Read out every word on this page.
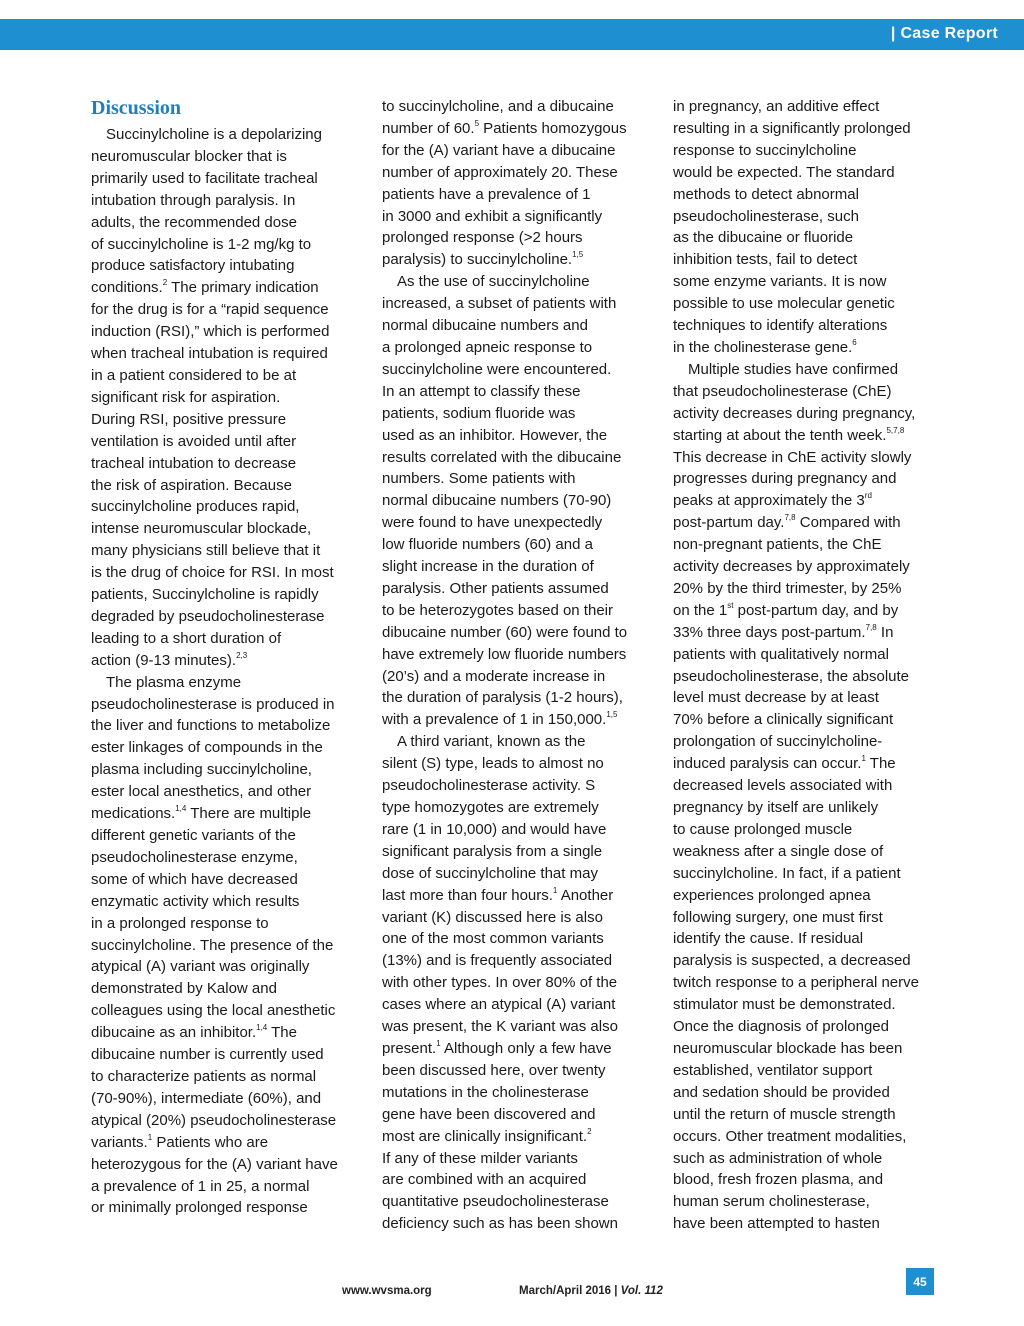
| Case Report
Discussion

Succinylcholine is a depolarizing

neuromuscular blocker that is

primarily used to facilitate tracheal

intubation through paralysis. In

adults, the recommended dose

of succinylcholine is 1-2 mg/kg to

produce satisfactory intubating

conditions.$^2$ The primary indication

for the drug is for a “rapid sequence

induction (RSI),” which is performed

when tracheal intubation is required

in a patient considered to be at

significant risk for aspiration.

During RSI, positive pressure

ventilation is avoided until after

tracheal intubation to decrease

the risk of aspiration. Because

succinylcholine produces rapid,

intense neuromuscular blockade,

many physicians still believe that it

is the drug of choice for RSI. In most

patients, Succinylcholine is rapidly

degraded by pseudocholinesterase

leading to a short duration of

action (9-13 minutes).$^{2,3}$

The plasma enzyme

pseudocholinesterase is produced in

the liver and functions to metabolize

ester linkages of compounds in the

plasma including succinylcholine,

ester local anesthetics, and other

medications.$^{1,4}$ There are multiple

different genetic variants of the

pseudocholinesterase enzyme,

some of which have decreased

enzymatic activity which results

in a prolonged response to

succinylcholine. The presence of the

atypical (A) variant was originally

demonstrated by Kalow and

colleagues using the local anesthetic

dibucaine as an inhibitor.$^{1,4}$ The

dibucaine number is currently used

to characterize patients as normal

(70-90%), intermediate (60%), and

atypical (20%) pseudocholinesterase

variants.$^1$ Patients who are

heterozygous for the (A) variant have

a prevalence of 1 in 25, a normal

or minimally prolonged response

to succinylcholine, and a dibucaine

number of 60.$^5$ Patients homozygous

for the (A) variant have a dibucaine

number of approximately 20. These

patients have a prevalence of 1

in 3000 and exhibit a significantly

prolonged response (>2 hours

paralysis) to succinylcholine.$^{1,5}$

As the use of succinylcholine

increased, a subset of patients with

normal dibucaine numbers and

a prolonged apneic response to

succinylcholine were encountered.

In an attempt to classify these

patients, sodium fluoride was

used as an inhibitor. However, the

results correlated with the dibucaine

numbers. Some patients with

normal dibucaine numbers (70-90)

were found to have unexpectedly

low fluoride numbers (60) and a

slight increase in the duration of

paralysis. Other patients assumed

to be heterozygotes based on their

dibucaine number (60) were found to

have extremely low fluoride numbers

(20’s) and a moderate increase in

the duration of paralysis (1-2 hours),

with a prevalence of 1 in 150,000.$^{1,5}$

A third variant, known as the

silent (S) type, leads to almost no

pseudocholinesterase activity. S

type homozygotes are extremely

rare (1 in 10,000) and would have

significant paralysis from a single

dose of succinylcholine that may

last more than four hours.$^1$ Another

variant (K) discussed here is also

one of the most common variants

(13%) and is frequently associated

with other types. In over 80% of the

cases where an atypical (A) variant

was present, the K variant was also

present.$^1$ Although only a few have

been discussed here, over twenty

mutations in the cholinesterase

gene have been discovered and

most are clinically insignificant.$^2$

If any of these milder variants

are combined with an acquired

quantitative pseudocholinesterase

deficiency such as has been shown

in pregnancy, an additive effect

resulting in a significantly prolonged

response to succinylcholine

would be expected. The standard

methods to detect abnormal

pseudocholinesterase, such

as the dibucaine or fluoride

inhibition tests, fail to detect

some enzyme variants. It is now

possible to use molecular genetic

techniques to identify alterations

in the cholinesterase gene.$^6$

Multiple studies have confirmed

that pseudocholinesterase (ChE)

activity decreases during pregnancy,

starting at about the tenth week.$^{5,7,8}$

This decrease in ChE activity slowly

progresses during pregnancy and

peaks at approximately the 3rd

post-partum day.$^{7,8}$ Compared with

non-pregnant patients, the ChE

activity decreases by approximately

20% by the third trimester, by 25%

on the 1st post-partum day, and by

33% three days post-partum.$^{7,8}$ In

patients with qualitatively normal

pseudocholinesterase, the absolute

level must decrease by at least

70% before a clinically significant

prolongation of succinylcholine-

induced paralysis can occur.$^1$ The

decreased levels associated with

pregnancy by itself are unlikely

to cause prolonged muscle

weakness after a single dose of

succinylcholine. In fact, if a patient

experiences prolonged apnea

following surgery, one must first

identify the cause. If residual

paralysis is suspected, a decreased

twitch response to a peripheral nerve

stimulator must be demonstrated.

Once the diagnosis of prolonged

neuromuscular blockade has been

established, ventilator support

and sedation should be provided

until the return of muscle strength

occurs. Other treatment modalities,

such as administration of whole

blood, fresh frozen plasma, and

human serum cholinesterase,

have been attempted to hasten

www.wvsma.org	March/April 2016 | Vol. 112
45
